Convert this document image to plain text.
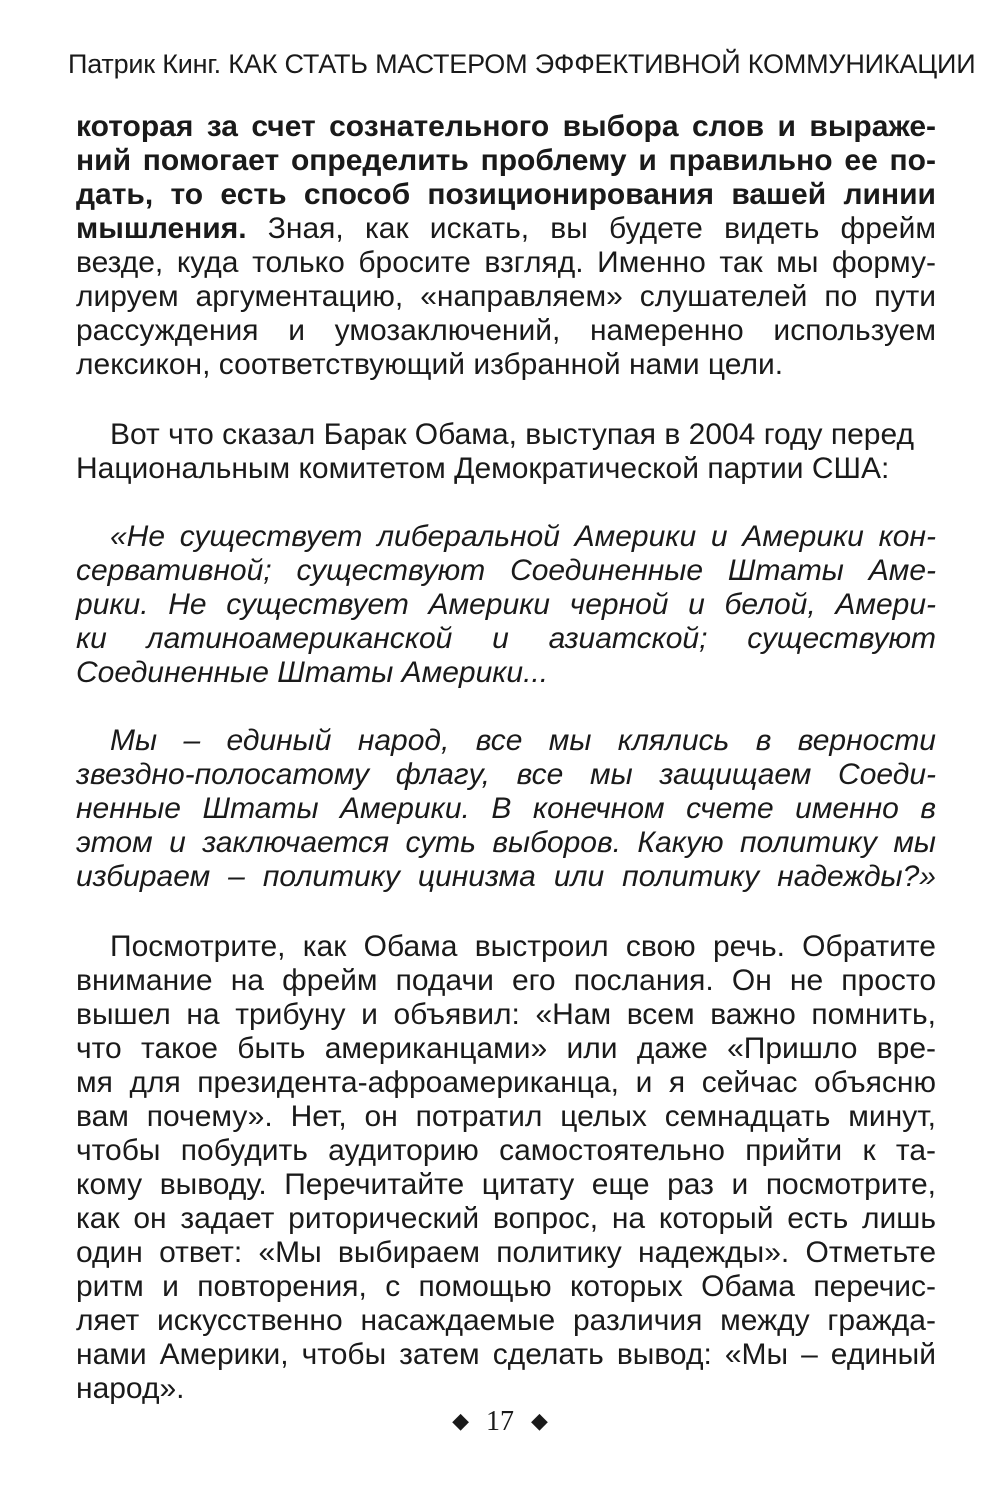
Патрик Кинг. КАК СТАТЬ МАСТЕРОМ ЭФФЕКТИВНОЙ КОММУНИКАЦИИ
которая за счет сознательного выбора слов и выраже-
ний помогает определить проблему и правильно ее по-
дать, то есть способ позиционирования вашей линии
мышления. Зная, как искать, вы будете видеть фрейм
везде, куда только бросите взгляд. Именно так мы форму-
лируем аргументацию, «направляем» слушателей по пути
рассуждения и умозаключений, намеренно используем
лексикон, соответствующий избранной нами цели.
Вот что сказал Барак Обама, выступая в 2004 году перед
Национальным комитетом Демократической партии США:
«Не существует либеральной Америки и Америки кон-
сервативной; существуют Соединенные Штаты Аме-
рики. Не существует Америки черной и белой, Амери-
ки латиноамериканской и азиатской; существуют
Соединенные Штаты Америки...
Мы – единый народ, все мы клялись в верности
звездно-полосатому флагу, все мы защищаем Соеди-
ненные Штаты Америки. В конечном счете именно в
этом и заключается суть выборов. Какую политику мы
избираем – политику цинизма или политику надежды?»
Посмотрите, как Обама выстроил свою речь. Обратите
внимание на фрейм подачи его послания. Он не просто
вышел на трибуну и объявил: «Нам всем важно помнить,
что такое быть американцами» или даже «Пришло вре-
мя для президента-афроамериканца, и я сейчас объясню
вам почему». Нет, он потратил целых семнадцать минут,
чтобы побудить аудиторию самостоятельно прийти к та-
кому выводу. Перечитайте цитату еще раз и посмотрите,
как он задает риторический вопрос, на который есть лишь
один ответ: «Мы выбираем политику надежды». Отметьте
ритм и повторения, с помощью которых Обама перечис-
ляет искусственно насаждаемые различия между гражда-
нами Америки, чтобы затем сделать вывод: «Мы – единый
народ».
◆ 17 ◆
